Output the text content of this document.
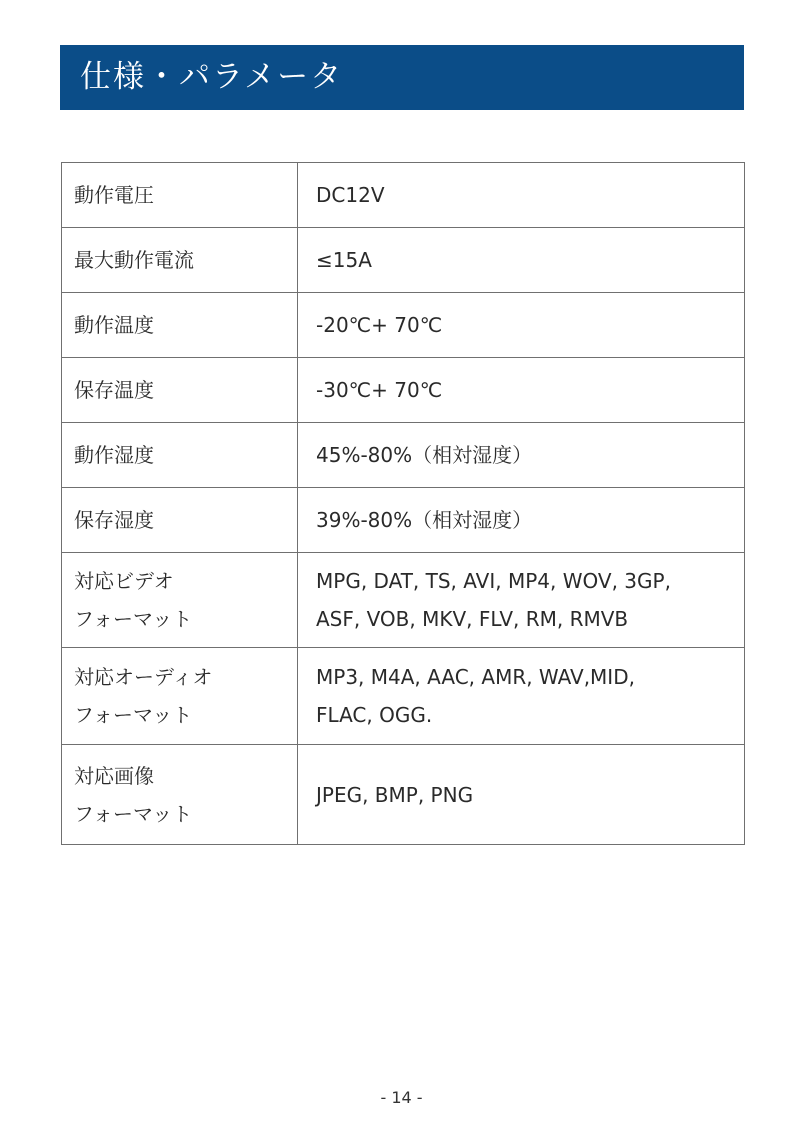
仕様・パラメータ
動作電圧	DC12V

最大動作電流	≤15A

動作温度	-20℃+ 70℃

保存温度	-30℃+ 70℃

動作湿度	45%-80%（相対湿度）

保存湿度	39%-80%（相対湿度）

対応ビデオ
フォーマット	MPG, DAT, TS, AVI, MP4, WOV, 3GP,
ASF, VOB, MKV, FLV, RM, RMVB

対応オーディオ
フォーマット	MP3, M4A, AAC, AMR, WAV,MID,
FLAC, OGG.

対応画像
フォーマット	JPEG, BMP, PNG
- 14 -
